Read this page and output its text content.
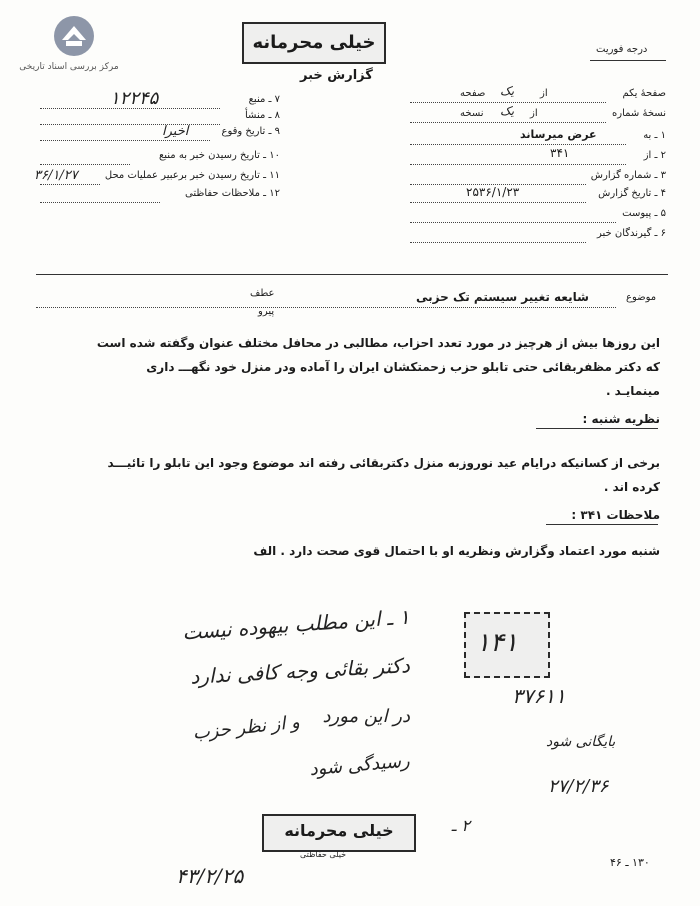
مرکز بررسی اسناد تاریخی
خیلی محرمانه
گزارش خبر
درجه فوریت
۷ ـ منبع
۱۲۲۴۵
۸ ـ منشأ
۹ ـ تاریخ وقوع
اخیرا
۱۰ ـ تاریخ رسیدن خبر به منبع
۱۱ ـ تاریخ رسیدن خبر برعبیر عملیات محل
۳۶/۱/۲۷
۱۲ ـ ملاحظات حفاظتی
صفحهٔ یکم
از
صفحه یک
نسخهٔ شماره
از
نسخه یک
۱ ـ به
عرض میرساند
۲ ـ از
۳۴۱
۳ ـ شماره گزارش
۴ ـ تاریخ گزارش
۲۵۳۶/۱/۲۳
۵ ـ پیوست
۶ ـ گیرندگان خبر
موضوع
شایعه تغییر سیستم تک حزبی
عطف
پیرو
این روزها بیش از هرچیز در مورد تعدد احزاب، مطالبی در محافل مختلف عنوان وگفته شده است
که دکتر مظفربقائی حتی تابلو حزب زحمتکشان ایران را آماده ودر منزل خود نگهـــ داری
مینمایـد .
نظریه شنبه :
برخی از کسانیکه درایام عید نوروزبه منزل دکتربقائی رفته اند موضوع وجود این تابلو را تائیـــد
کرده اند .
ملاحظات ۳۴۱ :
شنبه مورد اعتماد وگزارش ونظریه او با احتمال قوی صحت دارد . الف
۱۴۱
۱ ـ این مطلب بیهوده نیست
دکتر بقائی وجه کافی ندارد
در این مورد
و از نظر حزب
رسیدگی شود
۲ ـ
۳۷۶۱۱
بایگانی شود
۲۷/۲/۳۶
۴۳/۲/۲۵
خیلی محرمانه
خیلی حفاظتی
۱۳۰ ـ ۴۶
